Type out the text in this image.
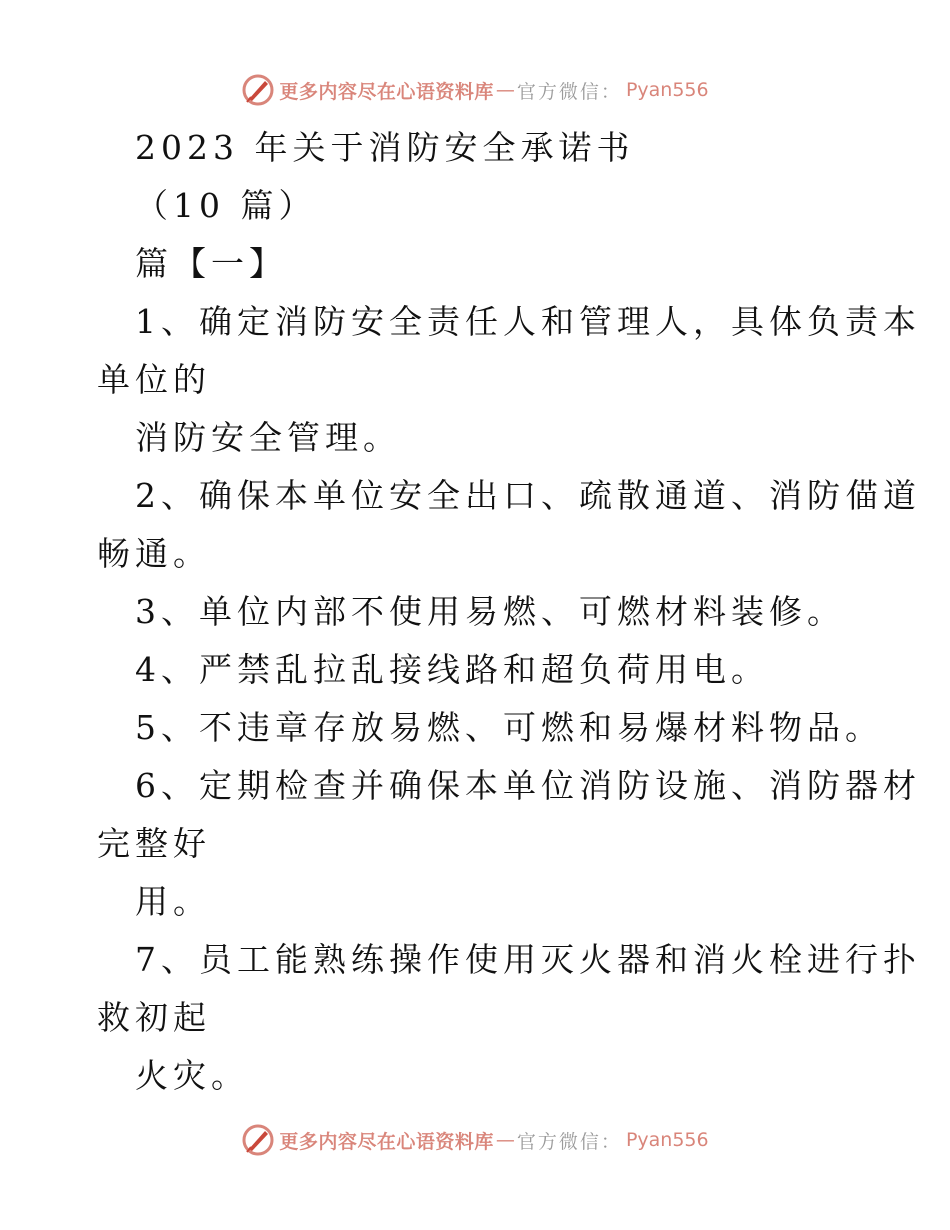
更多内容尽在心语资料库 — 官方微信： Pyan556
2023 年关于消防安全承诺书
（10 篇）
篇【一】
1、确定消防安全责任人和管理人，具体负责本
单位的
消防安全管理。
2、确保本单位安全出口、疏散通道、消防㑤道
畅通。
3、单位内部不使用易燃、可燃材料装修。
4、严禁乱拉乱接线路和超负荷用电。
5、不违章存放易燃、可燃和易爆材料物品。
6、定期检查并确保本单位消防设施、消防器材
完整好
用。
7、员工能熟练操作使用灭火器和消火栓进行扑
救初起
火灾。
更多内容尽在心语资料库 — 官方微信： Pyan556
